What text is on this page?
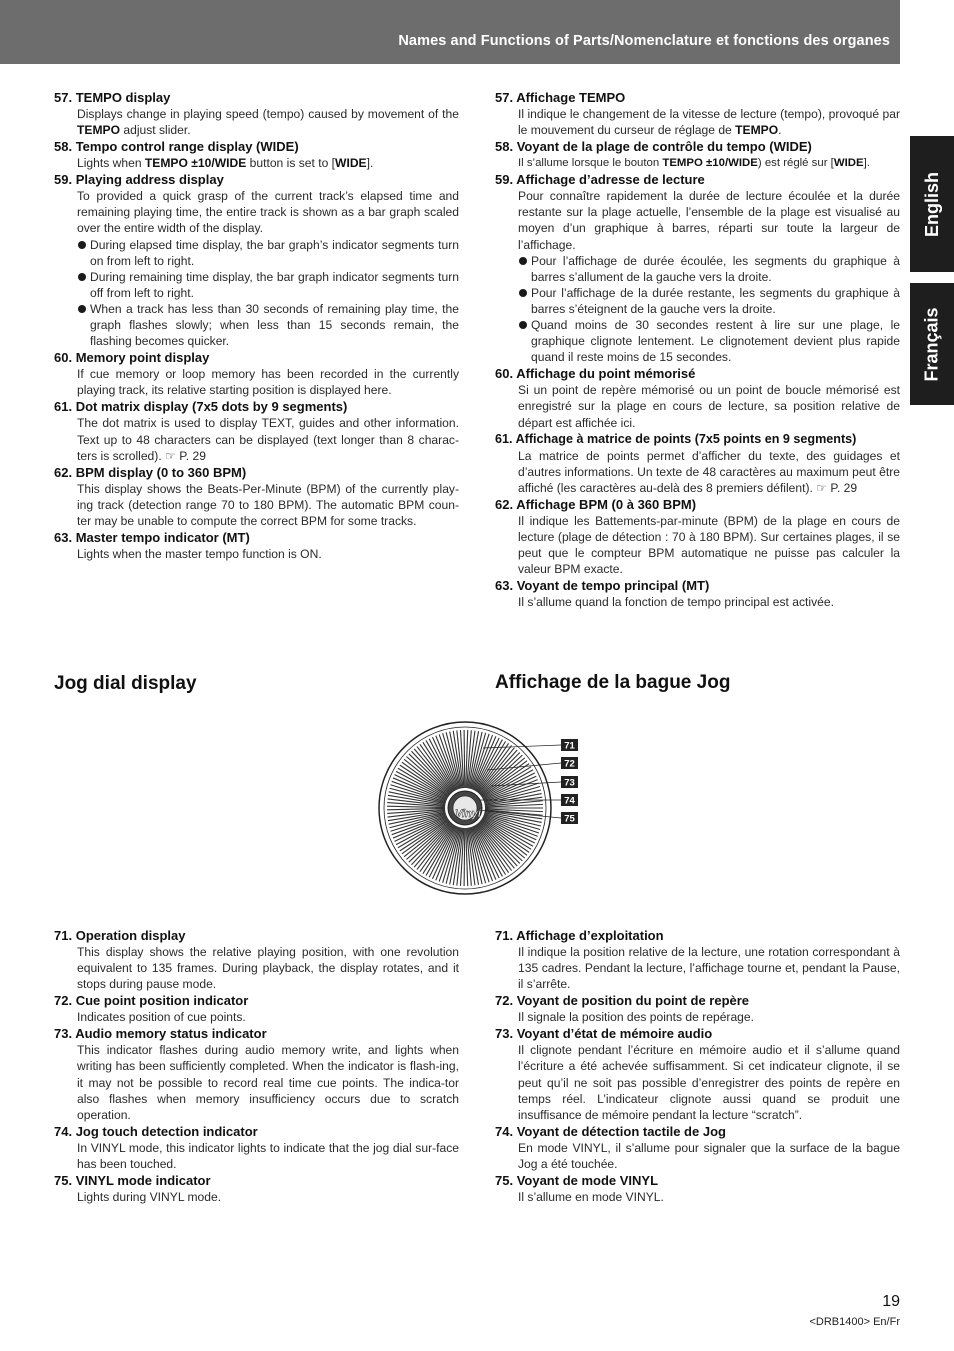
Names and Functions of Parts/Nomenclature et fonctions des organes
English
Français
57. TEMPO display

Displays change in playing speed (tempo) caused by movement of the TEMPO adjust slider.

58. Tempo control range display (WIDE)

Lights when TEMPO ±10/WIDE button is set to [WIDE].

59. Playing address display

To provided a quick grasp of the current track’s elapsed time and remaining playing time, the entire track is shown as a bar graph scaled over the entire width of the display.

During elapsed time display, the bar graph’s indicator segments turn on from left to right.

During remaining time display, the bar graph indicator segments turn off from left to right.

When a track has less than 30 seconds of remaining play time, the graph flashes slowly; when less than 15 seconds remain, the flashing becomes quicker.

60. Memory point display

If cue memory or loop memory has been recorded in the currently playing track, its relative starting position is displayed here.

61. Dot matrix display (7x5 dots by 9 segments)

The dot matrix is used to display TEXT, guides and other information. Text up to 48 characters can be displayed (text longer than 8 charac-ters is scrolled). ☞ P. 29

62. BPM display (0 to 360 BPM)

This display shows the Beats-Per-Minute (BPM) of the currently play-ing track (detection range 70 to 180 BPM). The automatic BPM coun-ter may be unable to compute the correct BPM for some tracks.

63. Master tempo indicator (MT)

Lights when the master tempo function is ON.

57. Affichage TEMPO

Il indique le changement de la vitesse de lecture (tempo), provoqué par le mouvement du curseur de réglage de TEMPO.

58. Voyant de la plage de contrôle du tempo (WIDE)

Il s’allume lorsque le bouton TEMPO ±10/WIDE) est réglé sur [WIDE].

59. Affichage d’adresse de lecture

Pour connaître rapidement la durée de lecture écoulée et la durée restante sur la plage actuelle, l’ensemble de la plage est visualisé au moyen d’un graphique à barres, réparti sur toute la largeur de l’affichage.

Pour l’affichage de durée écoulée, les segments du graphique à barres s’allument de la gauche vers la droite.

Pour l’affichage de la durée restante, les segments du graphique à barres s’éteignent de la gauche vers la droite.

Quand moins de 30 secondes restent à lire sur une plage, le graphique clignote lentement. Le clignotement devient plus rapide quand il reste moins de 15 secondes.

60. Affichage du point mémorisé

Si un point de repère mémorisé ou un point de boucle mémorisé est enregistré sur la plage en cours de lecture, sa position relative de départ est affichée ici.

61. Affichage à matrice de points (7x5 points en 9 segments)

La matrice de points permet d’afficher du texte, des guidages et d’autres informations. Un texte de 48 caractères au maximum peut être affiché (les caractères au-delà des 8 premiers défilent). ☞ P. 29

62. Affichage BPM (0 à 360 BPM)

Il indique les Battements-par-minute (BPM) de la plage en cours de lecture (plage de détection : 70 à 180 BPM). Sur certaines plages, il se peut que le compteur BPM automatique ne puisse pas calculer la valeur BPM exacte.

63. Voyant de tempo principal (MT)

Il s’allume quand la fonction de tempo principal est activée.

Jog dial display	Affichage de la bague Jog
Vinyl
71
72
73
74
75
71. Operation display

This display shows the relative playing position, with one revolution equivalent to 135 frames. During playback, the display rotates, and it stops during pause mode.

72. Cue point position indicator

Indicates position of cue points.

73. Audio memory status indicator

This indicator flashes during audio memory write, and lights when writing has been sufficiently completed. When the indicator is flash-ing, it may not be possible to record real time cue points. The indica-tor also flashes when memory insufficiency occurs due to scratch operation.

74. Jog touch detection indicator

In VINYL mode, this indicator lights to indicate that the jog dial sur-face has been touched.

75. VINYL mode indicator

Lights during VINYL mode.

71. Affichage d’exploitation

Il indique la position relative de la lecture, une rotation correspondant à 135 cadres. Pendant la lecture, l’affichage tourne et, pendant la Pause, il s’arrête.

72. Voyant de position du point de repère

Il signale la position des points de repérage.

73. Voyant d’état de mémoire audio

Il clignote pendant l’écriture en mémoire audio et il s’allume quand l’écriture a été achevée suffisamment. Si cet indicateur clignote, il se peut qu’il ne soit pas possible d’enregistrer des points de repère en temps réel. L’indicateur clignote aussi quand se produit une insuffisance de mémoire pendant la lecture “scratch”.

74. Voyant de détection tactile de Jog

En mode VINYL, il s’allume pour signaler que la surface de la bague Jog a été touchée.

75. Voyant de mode VINYL

Il s’allume en mode VINYL.

19
<DRB1400> En/Fr
